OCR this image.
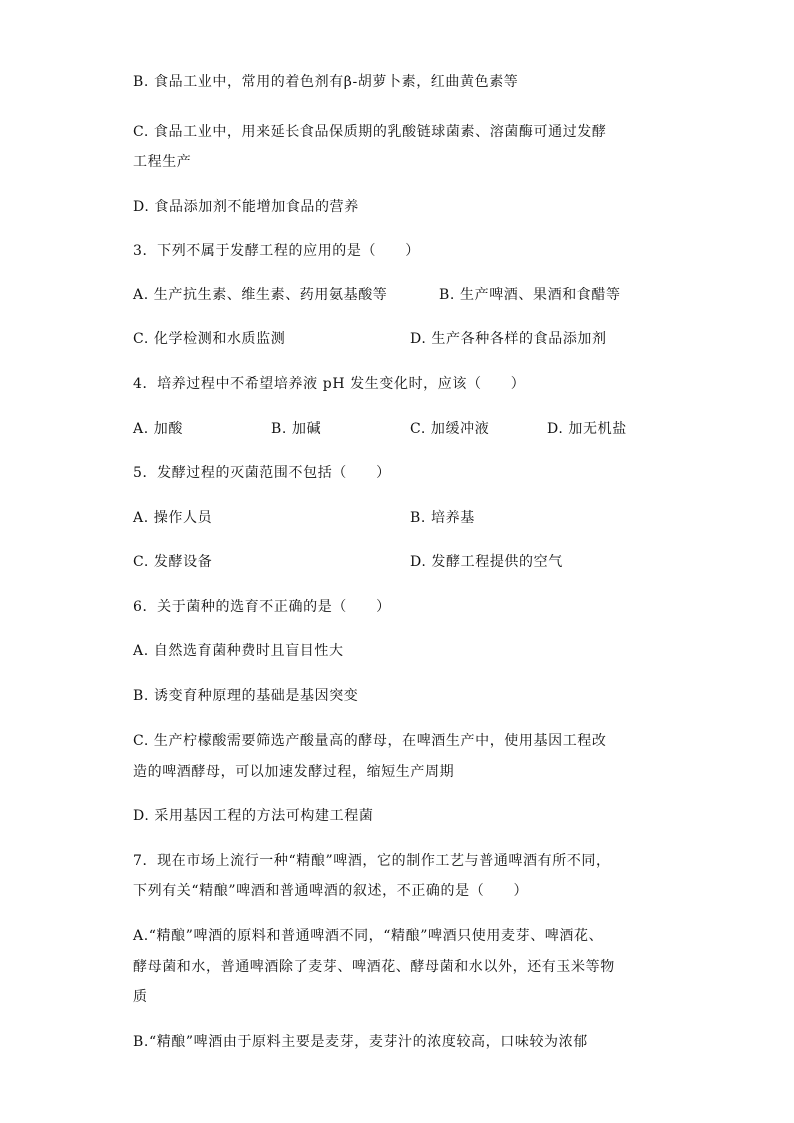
B. 食品工业中，常用的着色剂有β-胡萝卜素，红曲黄色素等
C. 食品工业中，用来延长食品保质期的乳酸链球菌素、溶菌酶可通过发酵
工程生产
D. 食品添加剂不能增加食品的营养
3．下列不属于发酵工程的应用的是（　　）
A. 生产抗生素、维生素、药用氨基酸等	B. 生产啤酒、果酒和食醋等
C. 化学检测和水质监测	D. 生产各种各样的食品添加剂
4．培养过程中不希望培养液 pH 发生变化时，应该（　　）
A. 加酸	B. 加碱	C. 加缓冲液	D. 加无机盐
5．发酵过程的灭菌范围不包括（　　）
A. 操作人员	B. 培养基
C. 发酵设备	D. 发酵工程提供的空气
6．关于菌种的选育不正确的是（　　）
A. 自然选育菌种费时且盲目性大
B. 诱变育种原理的基础是基因突变
C. 生产柠檬酸需要筛选产酸量高的酵母，在啤酒生产中，使用基因工程改
造的啤酒酵母，可以加速发酵过程，缩短生产周期
D. 采用基因工程的方法可构建工程菌
7．现在市场上流行一种“精酿”啤酒，它的制作工艺与普通啤酒有所不同，
下列有关“精酿”啤酒和普通啤酒的叙述，不正确的是（　　）
A.“精酿”啤酒的原料和普通啤酒不同，“精酿”啤酒只使用麦芽、啤酒花、
酵母菌和水，普通啤酒除了麦芽、啤酒花、酵母菌和水以外，还有玉米等物
质
B.“精酿”啤酒由于原料主要是麦芽，麦芽汁的浓度较高，口味较为浓郁
